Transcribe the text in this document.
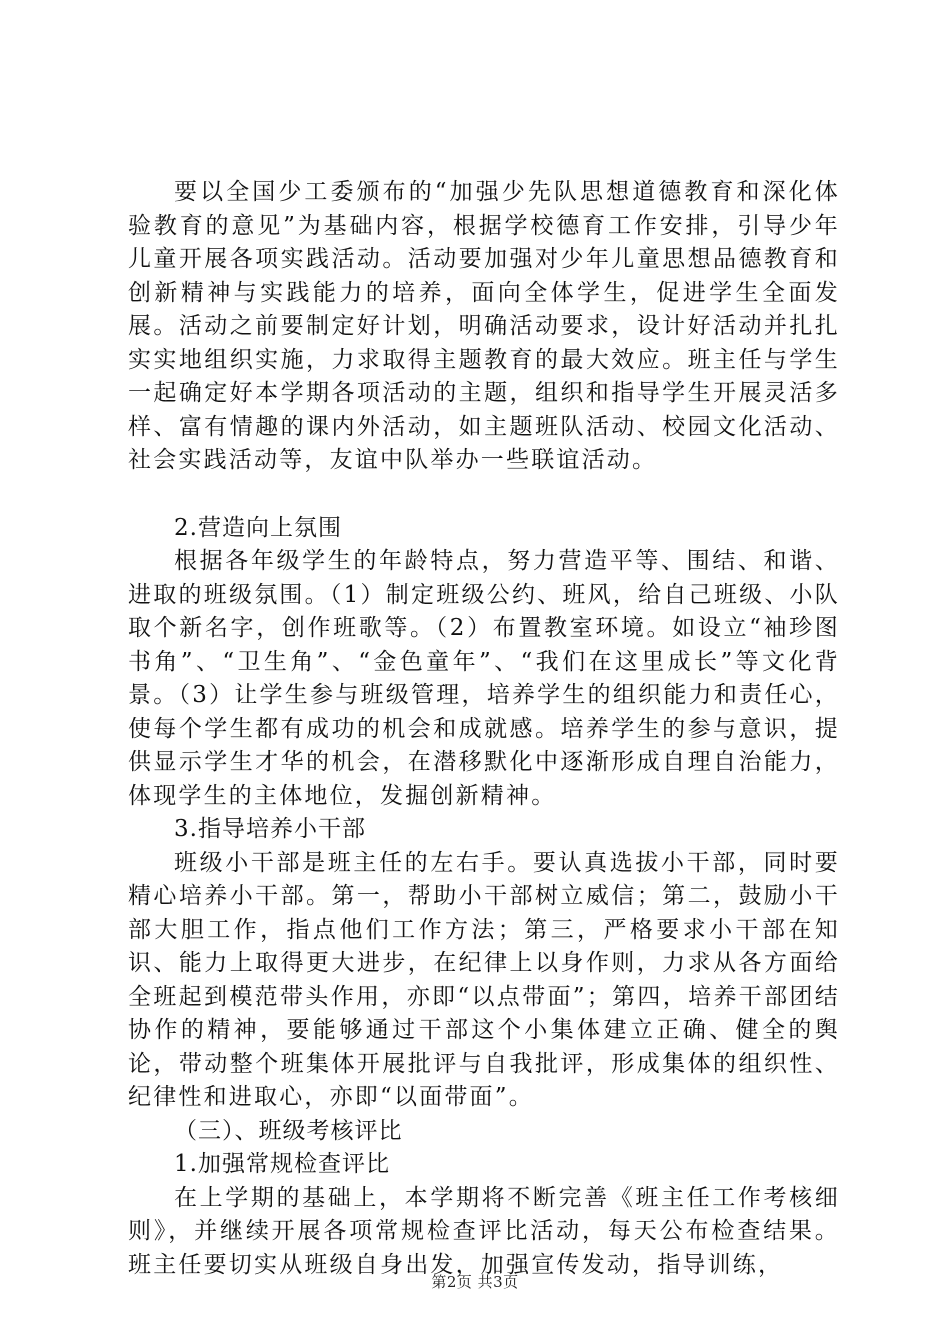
要以全国少工委颁布的“加强少先队思想道德教育和深化体验教育的意见”为基础内容，根据学校德育工作安排，引导少年儿童开展各项实践活动。活动要加强对少年儿童思想品德教育和创新精神与实践能力的培养，面向全体学生，促进学生全面发展。活动之前要制定好计划，明确活动要求，设计好活动并扎扎实实地组织实施，力求取得主题教育的最大效应。班主任与学生一起确定好本学期各项活动的主题，组织和指导学生开展灵活多样、富有情趣的课内外活动，如主题班队活动、校园文化活动、社会实践活动等，友谊中队举办一些联谊活动。

2.营造向上氛围

根据各年级学生的年龄特点，努力营造平等、围结、和谐、进取的班级氛围。（1）制定班级公约、班风，给自己班级、小队取个新名字，创作班歌等。（2）布置教室环境。如设立“袖珍图书角”、“卫生角”、“金色童年”、“我们在这里成长”等文化背景。（3）让学生参与班级管理，培养学生的组织能力和责任心，使每个学生都有成功的机会和成就感。培养学生的参与意识，提供显示学生才华的机会，在潜移默化中逐渐形成自理自治能力，体现学生的主体地位，发掘创新精神。

3.指导培养小干部

班级小干部是班主任的左右手。要认真选拔小干部，同时要精心培养小干部。第一，帮助小干部树立威信；第二，鼓励小干部大胆工作，指点他们工作方法；第三，严格要求小干部在知识、能力上取得更大进步，在纪律上以身作则，力求从各方面给全班起到模范带头作用，亦即“以点带面”；第四，培养干部团结协作的精神，要能够通过干部这个小集体建立正确、健全的舆论，带动整个班集体开展批评与自我批评，形成集体的组织性、纪律性和进取心，亦即“以面带面”。

（三）、班级考核评比

1.加强常规检查评比

在上学期的基础上，本学期将不断完善《班主任工作考核细则》，并继续开展各项常规检查评比活动，每天公布检查结果。班主任要切实从班级自身出发，加强宣传发动，指导训练，

第2页 共3页
